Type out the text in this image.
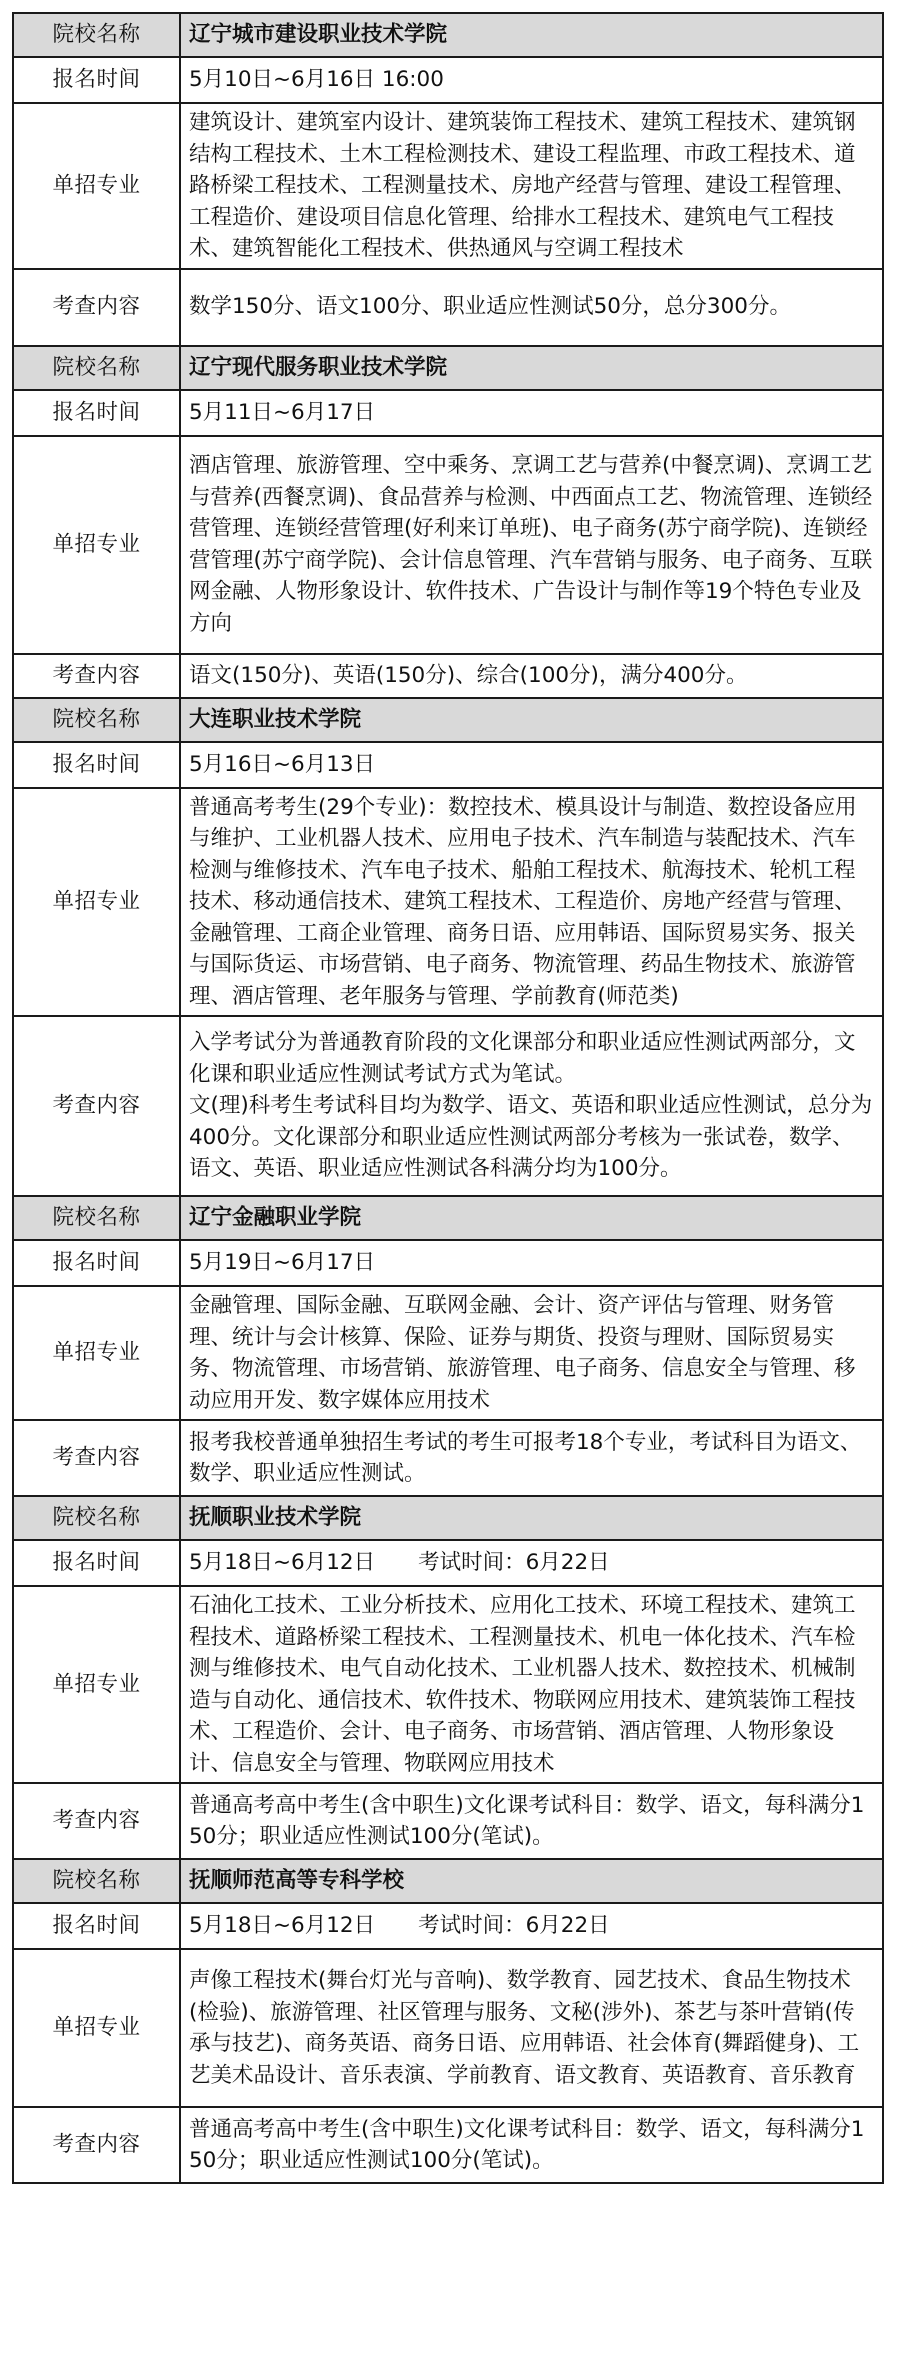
院校名称	辽宁城市建设职业技术学院
报名时间	5月10日~6月16日 16:00
单招专业	建筑设计、建筑室内设计、建筑装饰工程技术、建筑工程技术、建筑钢结构工程技术、土木工程检测技术、建设工程监理、市政工程技术、道路桥梁工程技术、工程测量技术、房地产经营与管理、建设工程管理、工程造价、建设项目信息化管理、给排水工程技术、建筑电气工程技术、建筑智能化工程技术、供热通风与空调工程技术
考查内容	数学150分、语文100分、职业适应性测试50分，总分300分。
院校名称	辽宁现代服务职业技术学院
报名时间	5月11日~6月17日
单招专业	酒店管理、旅游管理、空中乘务、烹调工艺与营养(中餐烹调)、烹调工艺与营养(西餐烹调)、食品营养与检测、中西面点工艺、物流管理、连锁经营管理、连锁经营管理(好利来订单班)、电子商务(苏宁商学院)、连锁经营管理(苏宁商学院)、会计信息管理、汽车营销与服务、电子商务、互联网金融、人物形象设计、软件技术、广告设计与制作等19个特色专业及方向
考查内容	语文(150分)、英语(150分)、综合(100分)，满分400分。
院校名称	大连职业技术学院
报名时间	5月16日~6月13日
单招专业	普通高考考生(29个专业)：数控技术、模具设计与制造、数控设备应用与维护、工业机器人技术、应用电子技术、汽车制造与装配技术、汽车检测与维修技术、汽车电子技术、船舶工程技术、航海技术、轮机工程技术、移动通信技术、建筑工程技术、工程造价、房地产经营与管理、金融管理、工商企业管理、商务日语、应用韩语、国际贸易实务、报关与国际货运、市场营销、电子商务、物流管理、药品生物技术、旅游管理、酒店管理、老年服务与管理、学前教育(师范类)
考查内容	入学考试分为普通教育阶段的文化课部分和职业适应性测试两部分，文化课和职业适应性测试考试方式为笔试。
文(理)科考生考试科目均为数学、语文、英语和职业适应性测试，总分为400分。文化课部分和职业适应性测试两部分考核为一张试卷，数学、语文、英语、职业适应性测试各科满分均为100分。
院校名称	辽宁金融职业学院
报名时间	5月19日~6月17日
单招专业	金融管理、国际金融、互联网金融、会计、资产评估与管理、财务管理、统计与会计核算、保险、证券与期货、投资与理财、国际贸易实务、物流管理、市场营销、旅游管理、电子商务、信息安全与管理、移动应用开发、数字媒体应用技术
考查内容	报考我校普通单独招生考试的考生可报考18个专业，考试科目为语文、数学、职业适应性测试。
院校名称	抚顺职业技术学院
报名时间	5月18日~6月12日　　考试时间：6月22日
单招专业	石油化工技术、工业分析技术、应用化工技术、环境工程技术、建筑工程技术、道路桥梁工程技术、工程测量技术、机电一体化技术、汽车检测与维修技术、电气自动化技术、工业机器人技术、数控技术、机械制造与自动化、通信技术、软件技术、物联网应用技术、建筑装饰工程技术、工程造价、会计、电子商务、市场营销、酒店管理、人物形象设计、信息安全与管理、物联网应用技术
考查内容	普通高考高中考生(含中职生)文化课考试科目：数学、语文，每科满分150分；职业适应性测试100分(笔试)。
院校名称	抚顺师范高等专科学校
报名时间	5月18日~6月12日　　考试时间：6月22日
单招专业	声像工程技术(舞台灯光与音响)、数学教育、园艺技术、食品生物技术(检验)、旅游管理、社区管理与服务、文秘(涉外)、茶艺与茶叶营销(传承与技艺)、商务英语、商务日语、应用韩语、社会体育(舞蹈健身)、工艺美术品设计、音乐表演、学前教育、语文教育、英语教育、音乐教育
考查内容	普通高考高中考生(含中职生)文化课考试科目：数学、语文，每科满分150分；职业适应性测试100分(笔试)。
